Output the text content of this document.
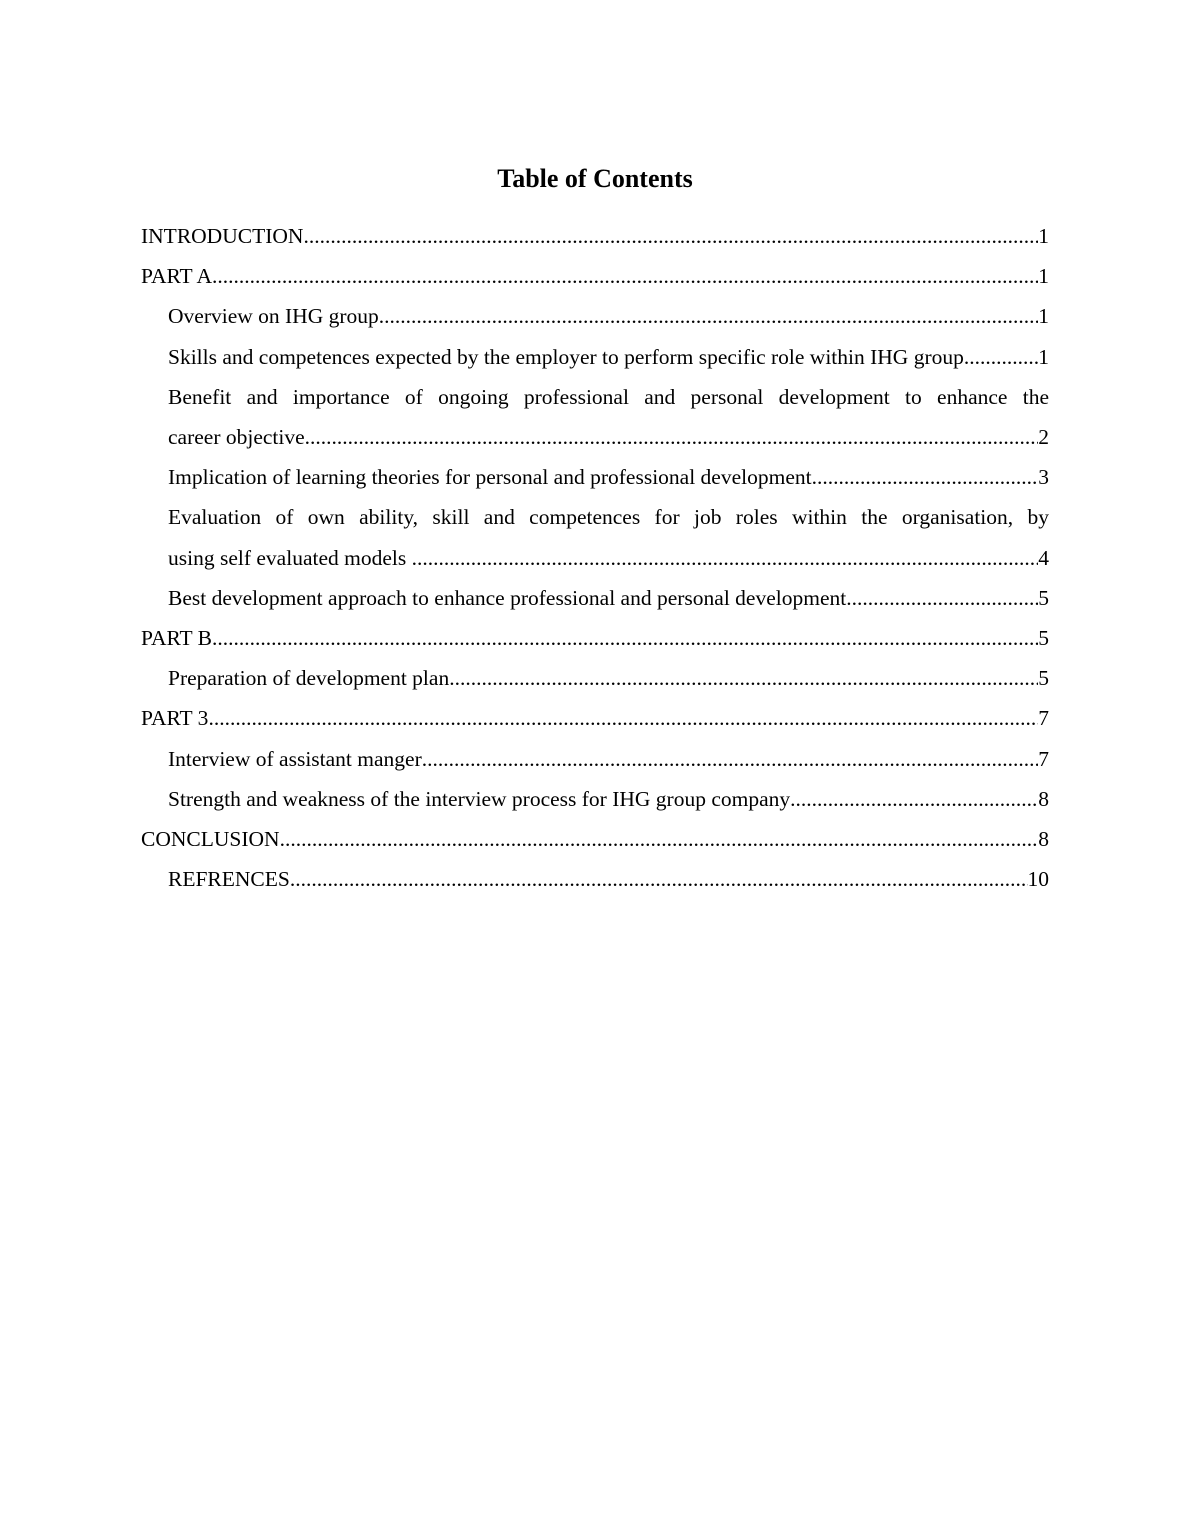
Table of Contents
INTRODUCTION .....	1
PART A .....	1
Overview on IHG group .....	1
Skills and competences expected by the employer to perform specific role within IHG group. .....	1
Benefit and importance of ongoing professional and personal development to enhance the
career objective .....	2
Implication of learning theories for personal and professional development .....	3
Evaluation of own ability, skill and competences for job roles within the organisation, by
using self evaluated models .....	4
Best development approach to enhance professional and personal development .....	5
PART B .....	5
Preparation of development plan .....	5
PART 3 .....	7
Interview of assistant manger .....	7
Strength and weakness of the interview process for IHG group company .....	8
CONCLUSION .....	8
REFRENCES .....	10
